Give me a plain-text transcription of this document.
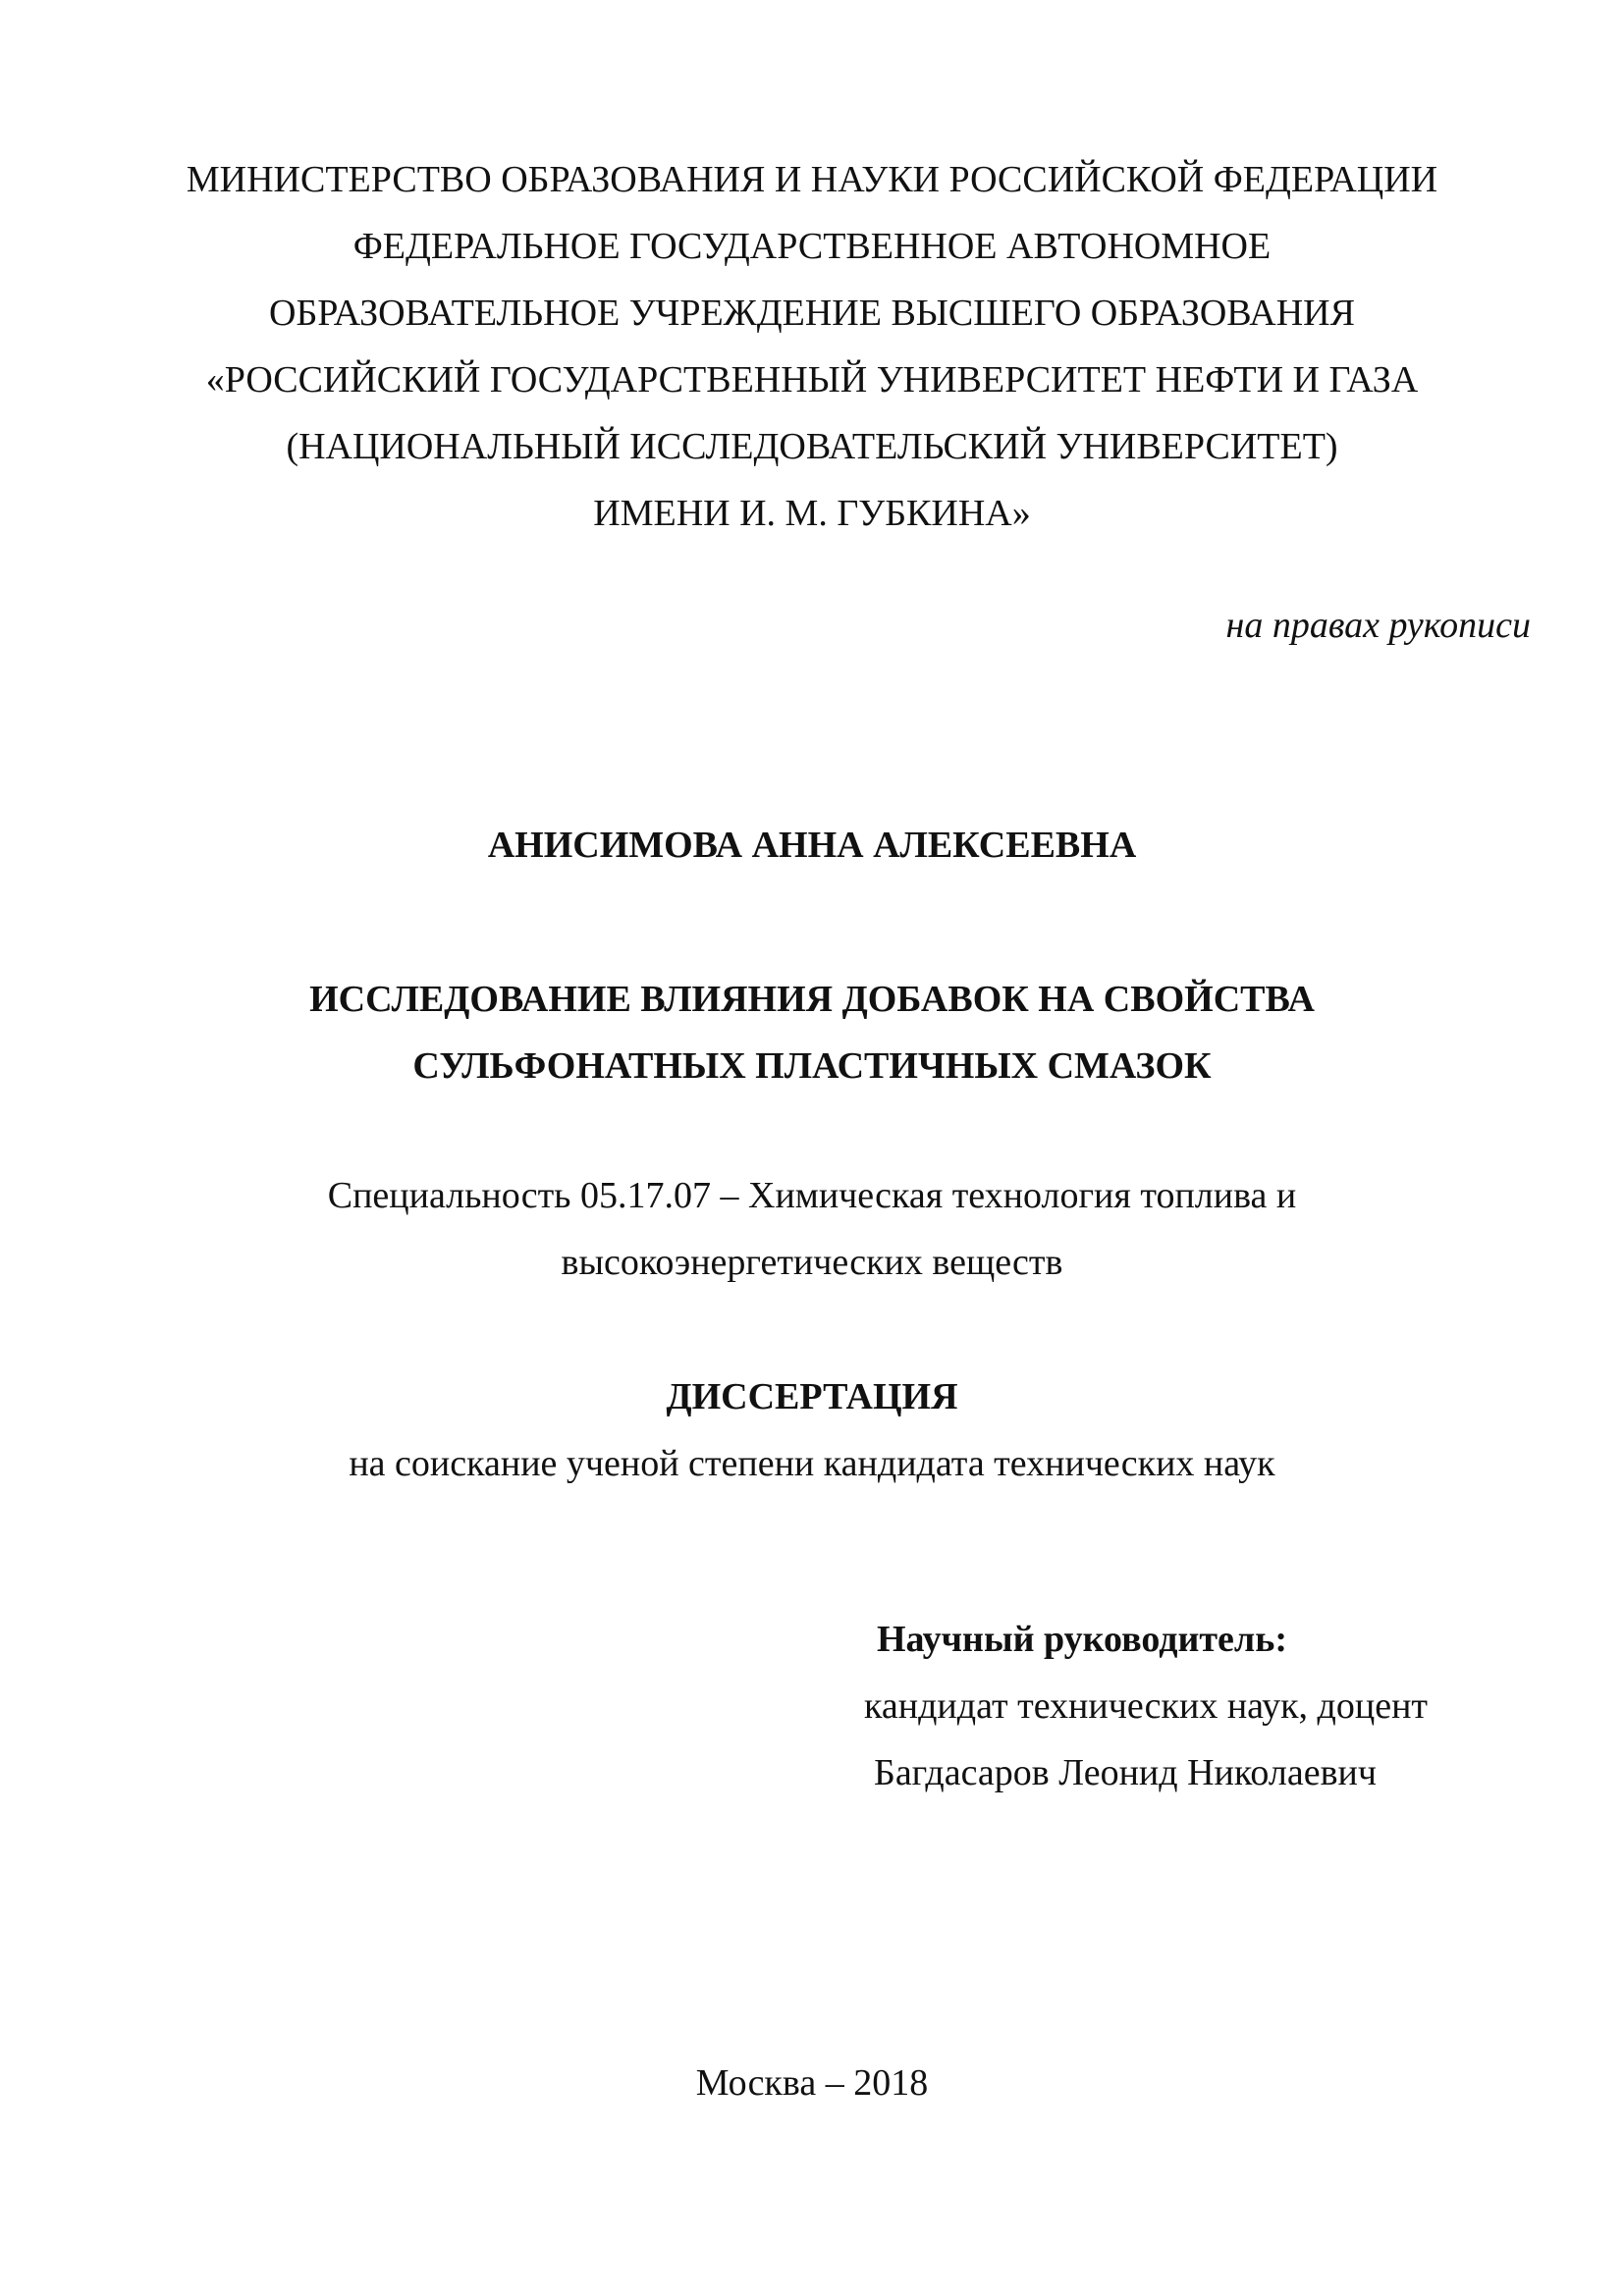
МИНИСТЕРСТВО ОБРАЗОВАНИЯ И НАУКИ РОССИЙСКОЙ ФЕДЕРАЦИИ
ФЕДЕРАЛЬНОЕ ГОСУДАРСТВЕННОЕ АВТОНОМНОЕ
ОБРАЗОВАТЕЛЬНОЕ УЧРЕЖДЕНИЕ ВЫСШЕГО ОБРАЗОВАНИЯ
«РОССИЙСКИЙ ГОСУДАРСТВЕННЫЙ УНИВЕРСИТЕТ НЕФТИ И ГАЗА
(НАЦИОНАЛЬНЫЙ ИССЛЕДОВАТЕЛЬСКИЙ УНИВЕРСИТЕТ)
ИМЕНИ И. М. ГУБКИНА»
на правах рукописи
АНИСИМОВА АННА АЛЕКСЕЕВНА
ИССЛЕДОВАНИЕ ВЛИЯНИЯ ДОБАВОК НА СВОЙСТВА
СУЛЬФОНАТНЫХ ПЛАСТИЧНЫХ СМАЗОК
Специальность 05.17.07 – Химическая технология топлива и
высокоэнергетических веществ
ДИССЕРТАЦИЯ
на соискание ученой степени кандидата технических наук
Научный руководитель:
кандидат технических наук, доцент
Багдасаров Леонид Николаевич
Москва – 2018
